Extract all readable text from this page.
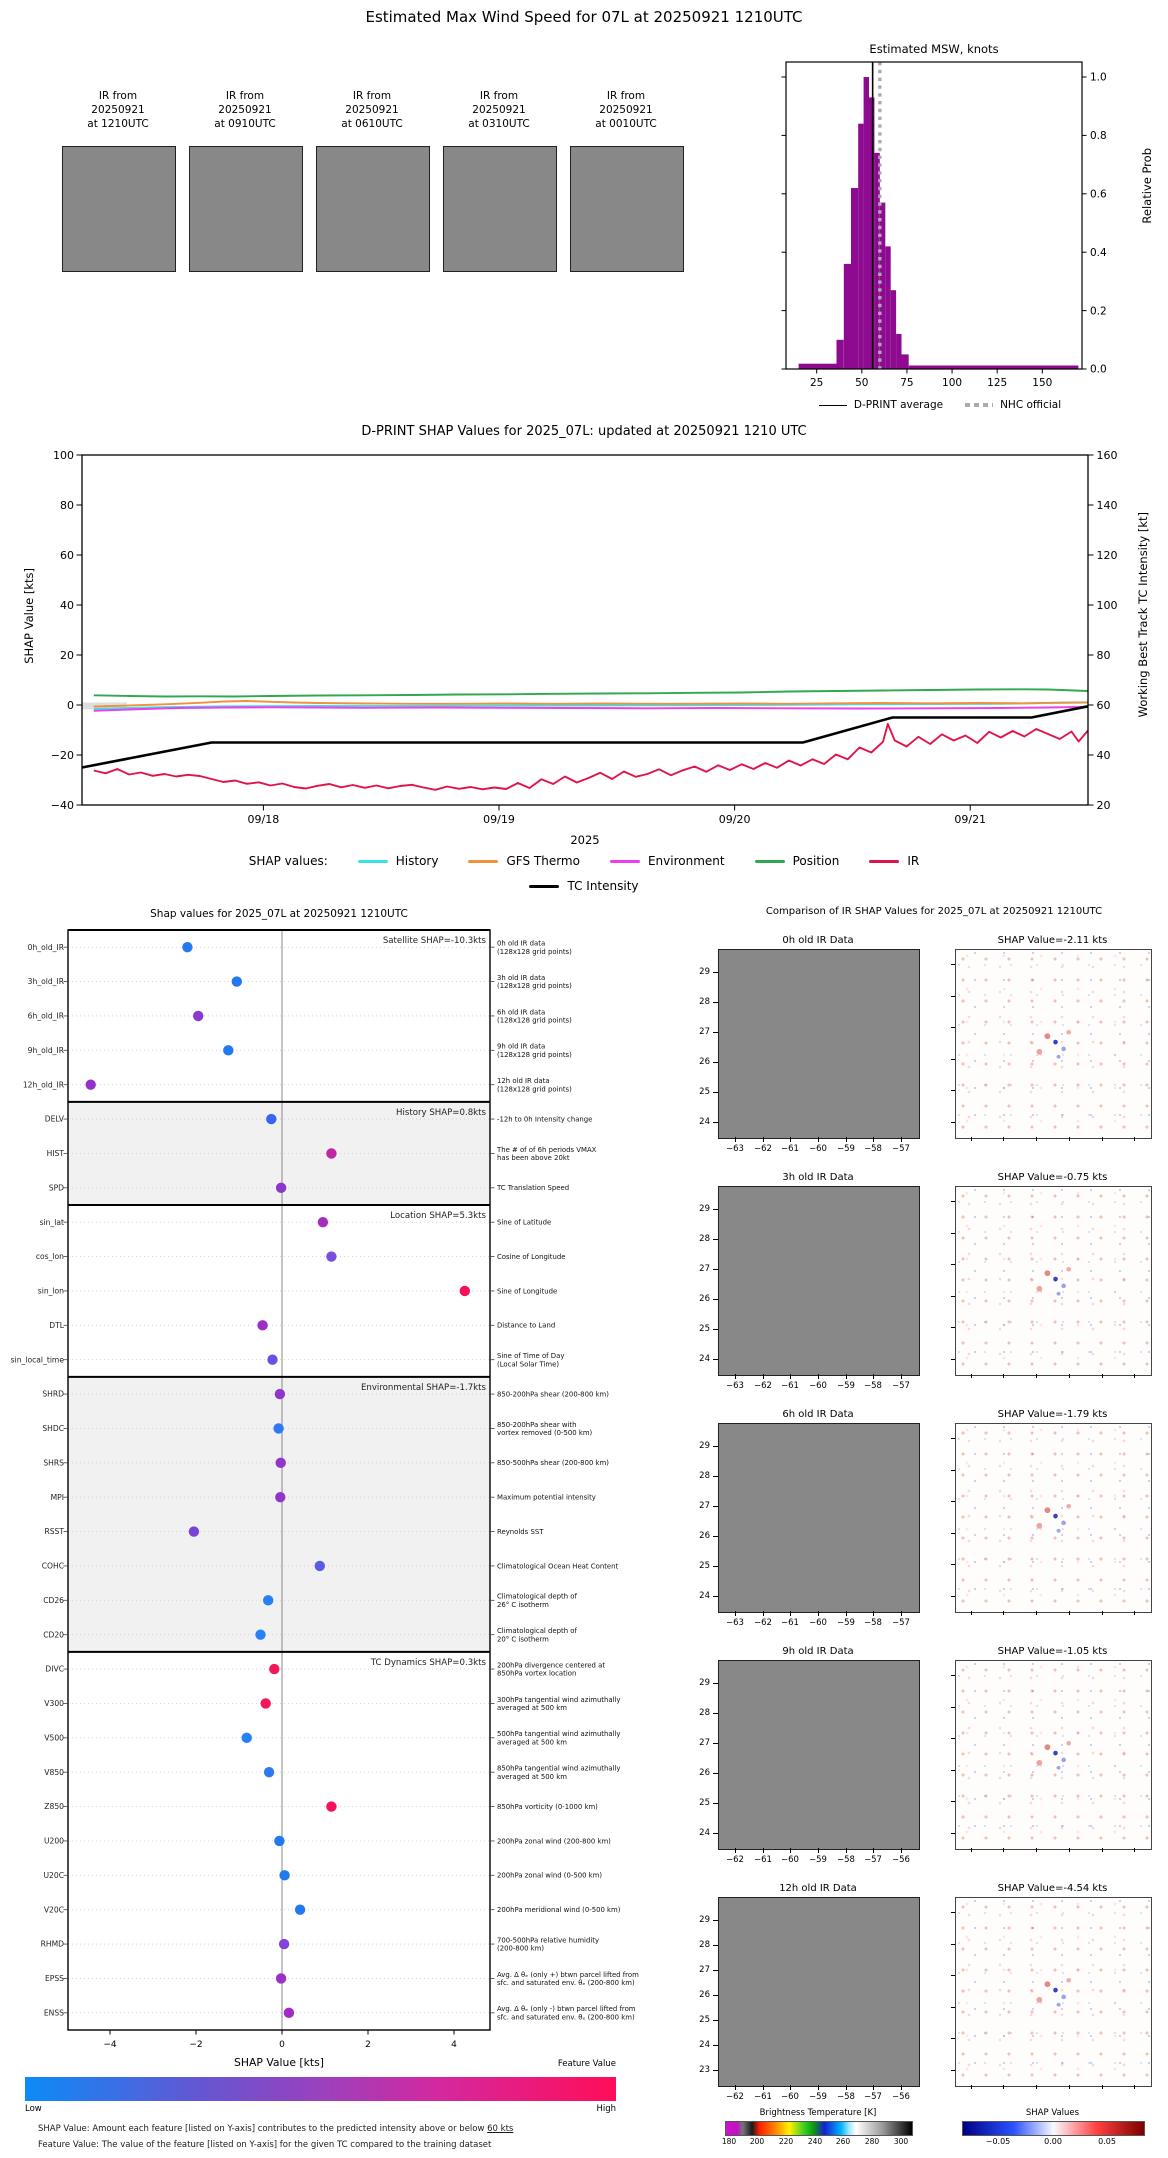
Estimated Max Wind Speed for 07L at 20250921 1210UTC
IR from
20250921
at 1210UTC
IR from
20250921
at 0910UTC
IR from
20250921
at 0610UTC
IR from
20250921
at 0310UTC
IR from
20250921
at 0010UTC
Estimated MSW, knots
0.0
0.2
0.4
0.6
0.8
1.0
25	50	75	100 125 150
Relative Prob
D-PRINT average	NHC official
D-PRINT SHAP Values for 2025_07L: updated at 20250921 1210 UTC
100
80
60
40
20
0
−20
−40
160
140
120
100
80
60
40
20
09/18	09/19	09/20	09/21
2025
SHAP Value [kts]	Working Best Track TC Intensity [kt]
SHAP values:	History	GFS Thermo	Environment	Position	IR
TC Intensity
Shap values for 2025_07L at 20250921 1210UTC
Satellite SHAP=-10.3kts
History SHAP=0.8kts
Location SHAP=5.3kts
Environmental SHAP=-1.7kts
TC Dynamics SHAP=0.3kts
0h_old_IR	0h old IR data
(128x128 grid points)
3h_old_IR	3h old IR data
(128x128 grid points)
6h_old_IR	6h old IR data
(128x128 grid points)
9h_old_IR	9h old IR data
(128x128 grid points)
12h_old_IR	12h old IR data
(128x128 grid points)
DELV	-12h to 0h Intensity change
HIST	The # of of 6h periods VMAX
has been above 20kt
SPD	TC Translation Speed
sin_lat	Sine of Latitude
cos_lon	Cosine of Longitude
sin_lon	Sine of Longitude
DTL	Distance to Land
sin_local_time	Sine of Time of Day
(Local Solar Time)
SHRD	850-200hPa shear (200-800 km)
SHDC	850-200hPa shear with
vortex removed (0-500 km)
SHRS	850-500hPa shear (200-800 km)
MPI	Maximum potential intensity
RSST	Reynolds SST
COHC	Climatological Ocean Heat Content
CD26	Climatological depth of
26° C isotherm
CD20	Climatological depth of
20° C isotherm
DIVC	200hPa divergence centered at
850hPa vortex location
V300	300hPa tangential wind azimuthally
averaged at 500 km
V500	500hPa tangential wind azimuthally
averaged at 500 km
V850	850hPa tangential wind azimuthally
averaged at 500 km
Z850	850hPa vorticity (0-1000 km)
U200	200hPa zonal wind (200-800 km)
U20C	200hPa zonal wind (0-500 km)
V20C	200hPa meridional wind (0-500 km)
RHMD	700-500hPa relative humidity
(200-800 km)
EPSS	Avg. Δ θₑ (only +) btwn parcel lifted from
sfc. and saturated env. θₑ (200-800 km)
ENSS	Avg. Δ θₑ (only -) btwn parcel lifted from
sfc. and saturated env. θₑ (200-800 km)
−4	−2	0	2	4
SHAP Value [kts]	Feature Value
Low	High
SHAP Value: Amount each feature [listed on Y-axis] contributes to the predicted intensity above or below 60 kts
Feature Value: The value of the feature [listed on Y-axis] for the given TC compared to the training dataset
Comparison of IR SHAP Values for 2025_07L at 20250921 1210UTC
0h old IR Data	SHAP Value=-2.11 kts
29
28
27
26
25
24
−63	−62	−61	−60	−59	−58	−57
3h old IR Data	SHAP Value=-0.75 kts
29
28
27
26
25
24
−63	−62	−61	−60	−59	−58	−57
6h old IR Data	SHAP Value=-1.79 kts
29
28
27
26
25
24
−63	−62	−61	−60	−59	−58	−57
9h old IR Data	SHAP Value=-1.05 kts
29
28
27
26
25
24
−62	−61	−60	−59	−58	−57	−56
12h old IR Data	SHAP Value=-4.54 kts
29
28
27
26
25
24
23
−62	−61	−60	−59	−58	−57	−56
Brightness Temperature [K]
180	200	220	240	260	280	300
SHAP Values
−0.05	0.00	0.05
